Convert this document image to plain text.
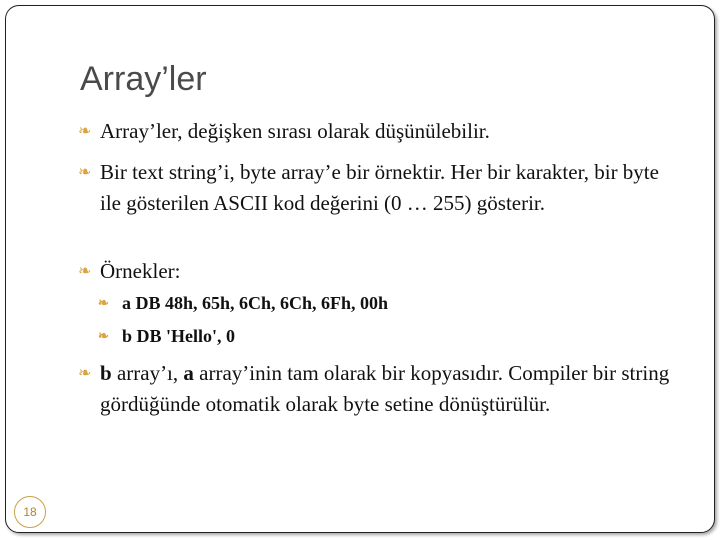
Array’ler
❧ Array’ler, değişken sırası olarak düşünülebilir.
❧ Bir text string’i, byte array’e bir örnektir. Her bir karakter, bir byte ile gösterilen ASCII kod değerini (0 … 255) gösterir.
❧ Örnekler:
❧ a DB 48h, 65h, 6Ch, 6Ch, 6Fh, 00h
❧ b DB 'Hello', 0
❧ b array’ı, a array’inin tam olarak bir kopyasıdır. Compiler bir string gördüğünde otomatik olarak byte setine dönüştürülür.
18
